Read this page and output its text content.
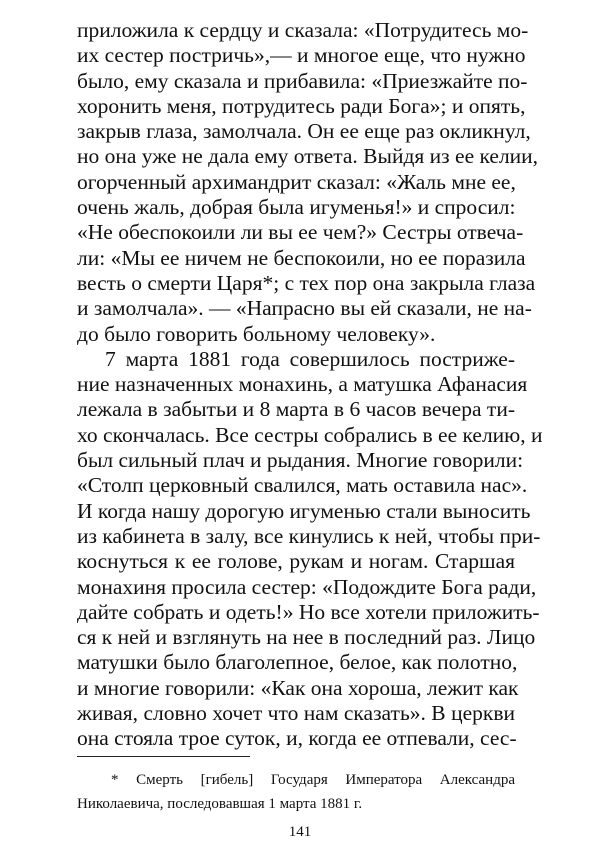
приложила к сердцу и сказала: «Потрудитесь мо-
их сестер постричь»,— и многое еще, что нужно
было, ему сказала и прибавила: «Приезжайте по-
хоронить меня, потрудитесь ради Бога»; и опять,
закрыв глаза, замолчала. Он ее еще раз окликнул,
но она уже не дала ему ответа. Выйдя из ее келии,
огорченный архимандрит сказал: «Жаль мне ее,
очень жаль, добрая была игуменья!» и спросил:
«Не обеспокоили ли вы ее чем?» Сестры отвеча-
ли: «Мы ее ничем не беспокоили, но ее поразила
весть о смерти Царя*; с тех пор она закрыла глаза
и замолчала». — «Напрасно вы ей сказали, не на-
до было говорить больному человеку».
7 марта 1881 года совершилось постриже-
ние назначенных монахинь, а матушка Афанасия
лежала в забытьи и 8 марта в 6 часов вечера ти-
хо скончалась. Все сестры собрались в ее келию, и
был сильный плач и рыдания. Многие говорили:
«Столп церковный свалился, мать оставила нас».
И когда нашу дорогую игуменью стали выносить
из кабинета в залу, все кинулись к ней, чтобы при-
коснуться к ее голове, рукам и ногам. Старшая
монахиня просила сестер: «Подождите Бога ради,
дайте собрать и одеть!» Но все хотели приложить-
ся к ней и взглянуть на нее в последний раз. Лицо
матушки было благолепное, белое, как полотно,
и многие говорили: «Как она хороша, лежит как
живая, словно хочет что нам сказать». В церкви
она стояла трое суток, и, когда ее отпевали, сес-
* Смерть [гибель] Государя Императора Александра
Николаевича, последовавшая 1 марта 1881 г.
141
